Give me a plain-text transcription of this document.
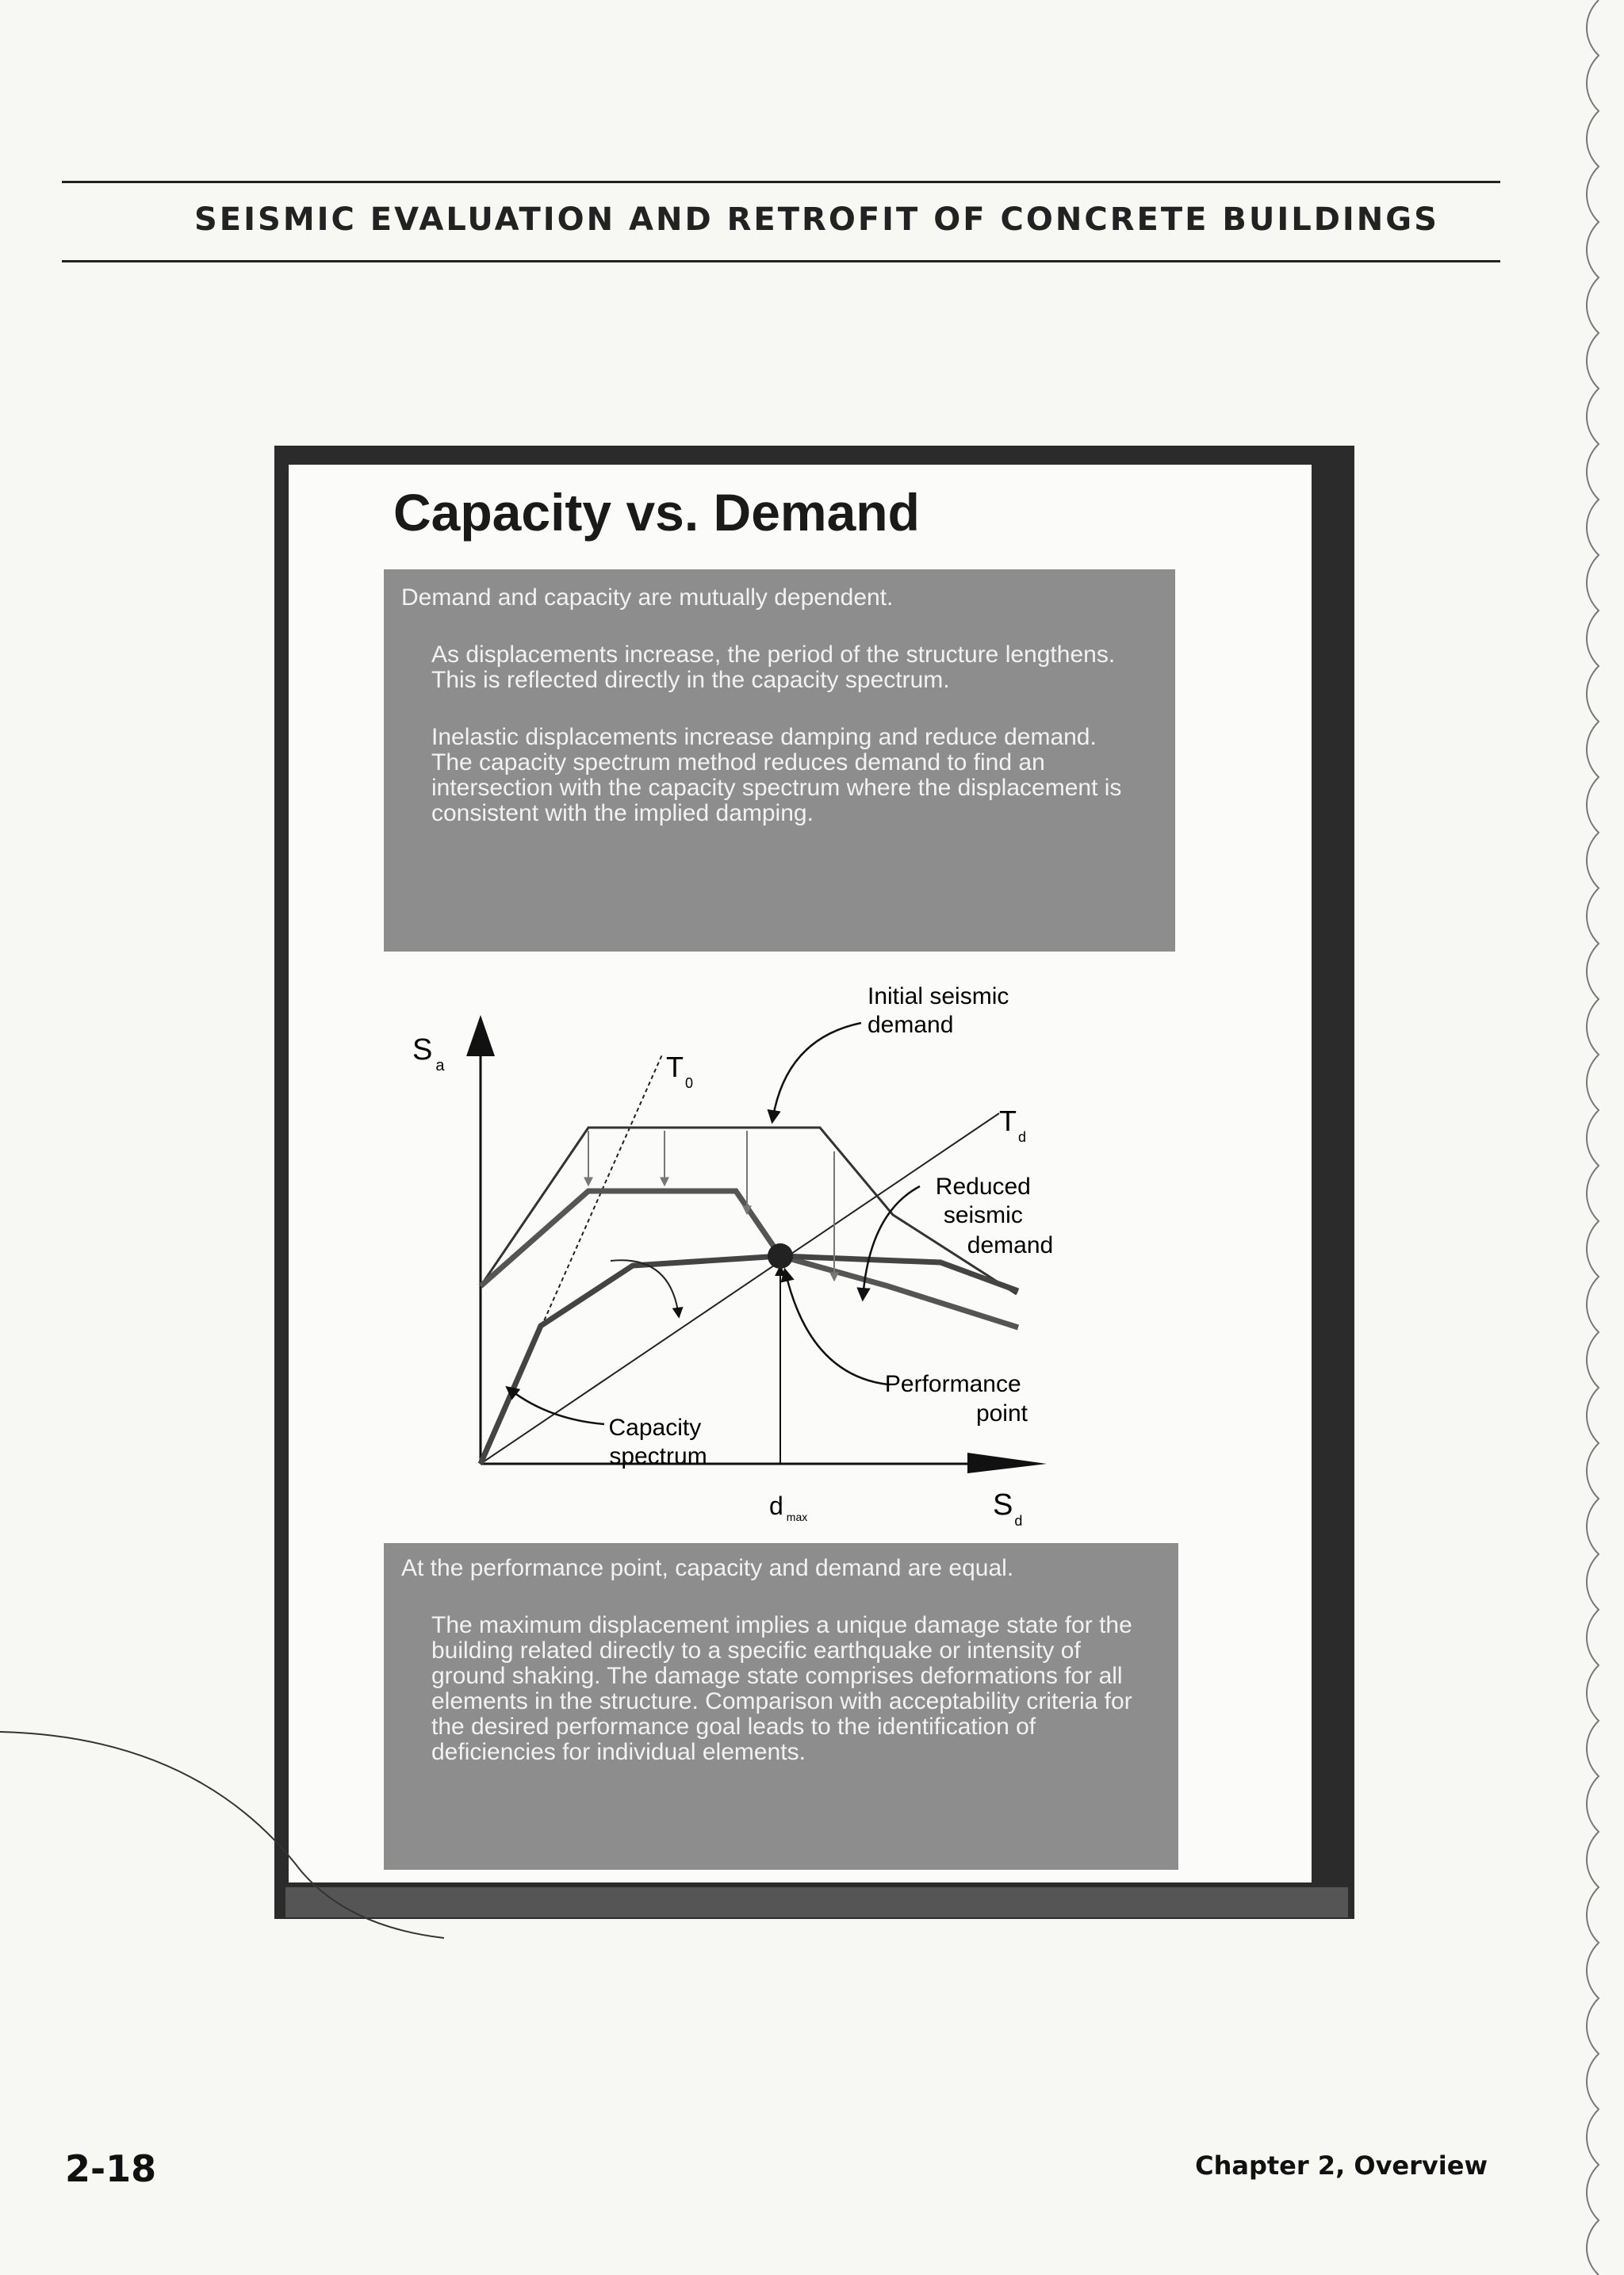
SEISMIC EVALUATION AND RETROFIT OF CONCRETE BUILDINGS
Capacity vs. Demand

Demand and capacity are mutually dependent.

As displacements increase, the period of the structure lengthens. This is reflected directly in the capacity spectrum.

Inelastic displacements increase damping and reduce demand. The capacity spectrum method reduces demand to find an intersection with the capacity spectrum where the displacement is consistent with the implied damping.

S $_a$	T $_0$
T $_d$
d $_{max}$	S $_d$
Initial seismic demand
Reduced seismic demand
Performance point
Capacity spectrum

At the performance point, capacity and demand are equal.

The maximum displacement implies a unique damage state for the building related directly to a specific earthquake or intensity of ground shaking. The damage state comprises deformations for all elements in the structure. Comparison with acceptability criteria for the desired performance goal leads to the identification of deficiencies for individual elements.

2-18	Chapter 2, Overview
